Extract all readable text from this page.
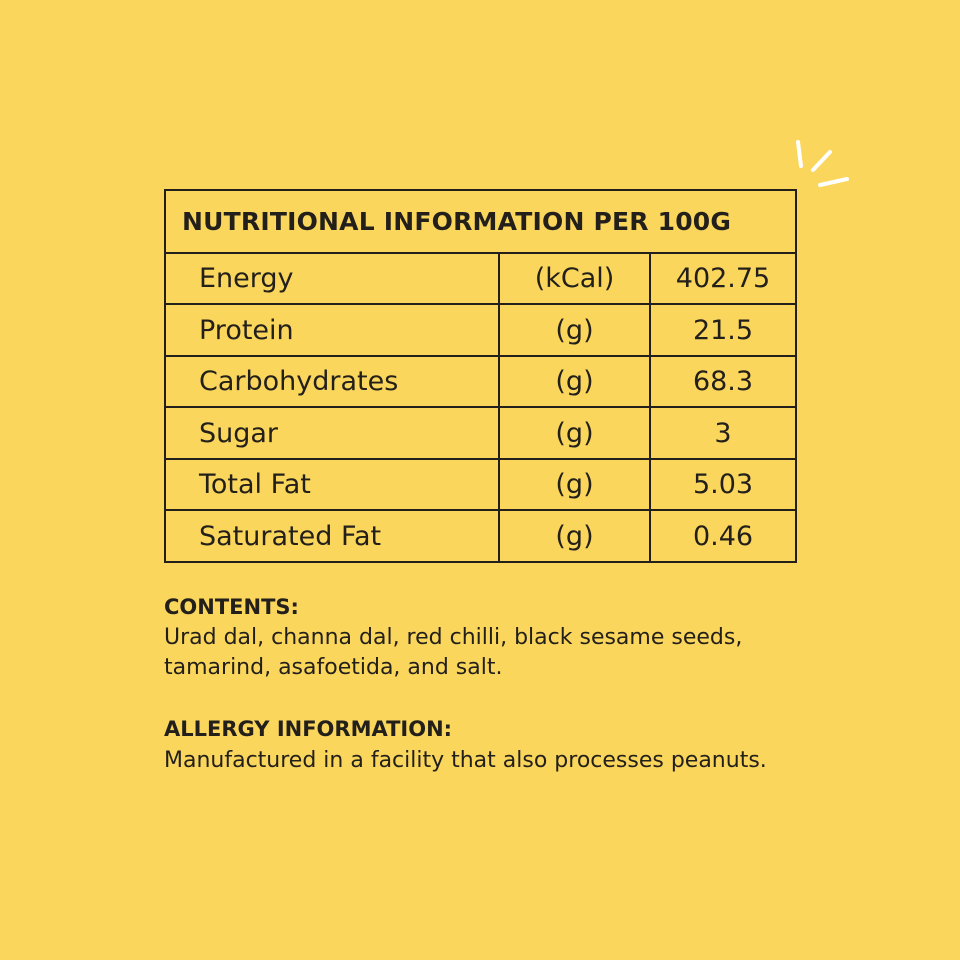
NUTRITIONAL INFORMATION PER 100G		
Energy	(kCal)	402.75
Protein	(g)	21.5
Carbohydrates	(g)	68.3
Sugar	(g)	3
Total Fat	(g)	5.03
Saturated Fat	(g)	0.46
CONTENTS:
Urad dal, channa dal, red chilli, black sesame seeds,
tamarind, asafoetida, and salt.
ALLERGY INFORMATION:
Manufactured in a facility that also processes peanuts.
